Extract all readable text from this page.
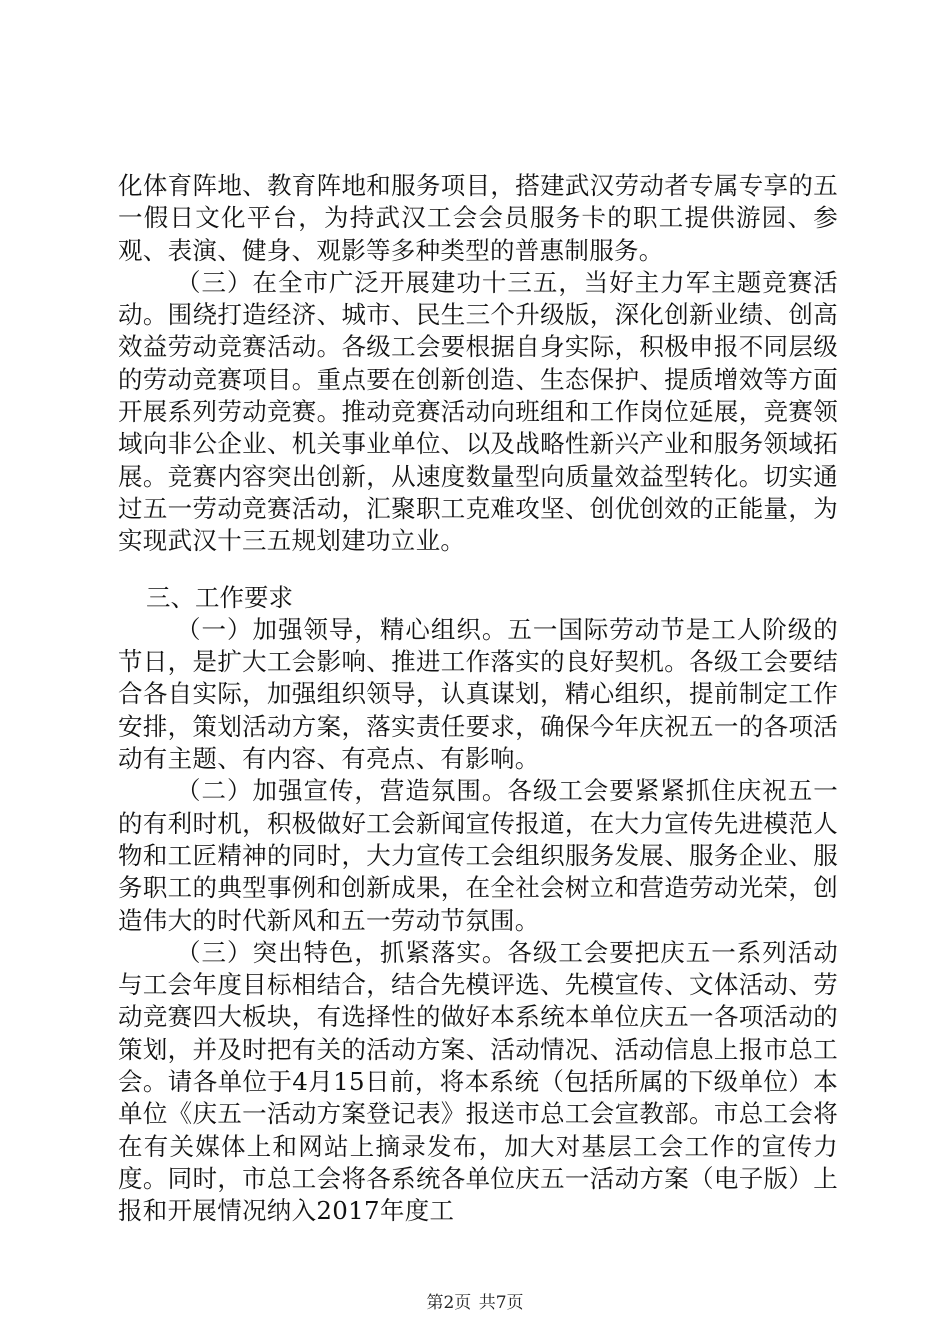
化体育阵地、教育阵地和服务项目，搭建武汉劳动者专属专享的五一假日文化平台，为持武汉工会会员服务卡的职工提供游园、参观、表演、健身、观影等多种类型的普惠制服务。

（三）在全市广泛开展建功十三五，当好主力军主题竞赛活动。围绕打造经济、城市、民生三个升级版，深化创新业绩、创高效益劳动竞赛活动。各级工会要根据自身实际，积极申报不同层级的劳动竞赛项目。重点要在创新创造、生态保护、提质增效等方面开展系列劳动竞赛。推动竞赛活动向班组和工作岗位延展，竞赛领域向非公企业、机关事业单位、以及战略性新兴产业和服务领域拓展。竞赛内容突出创新，从速度数量型向质量效益型转化。切实通过五一劳动竞赛活动，汇聚职工克难攻坚、创优创效的正能量，为实现武汉十三五规划建功立业。

三、工作要求

（一）加强领导，精心组织。五一国际劳动节是工人阶级的节日，是扩大工会影响、推进工作落实的良好契机。各级工会要结合各自实际，加强组织领导，认真谋划，精心组织，提前制定工作安排，策划活动方案，落实责任要求，确保今年庆祝五一的各项活动有主题、有内容、有亮点、有影响。

（二）加强宣传，营造氛围。各级工会要紧紧抓住庆祝五一的有利时机，积极做好工会新闻宣传报道，在大力宣传先进模范人物和工匠精神的同时，大力宣传工会组织服务发展、服务企业、服务职工的典型事例和创新成果，在全社会树立和营造劳动光荣，创造伟大的时代新风和五一劳动节氛围。

（三）突出特色，抓紧落实。各级工会要把庆五一系列活动与工会年度目标相结合，结合先模评选、先模宣传、文体活动、劳动竞赛四大板块，有选择性的做好本系统本单位庆五一各项活动的策划，并及时把有关的活动方案、活动情况、活动信息上报市总工会。请各单位于4月15日前，将本系统（包括所属的下级单位）本单位《庆五一活动方案登记表》报送市总工会宣教部。市总工会将在有关媒体上和网站上摘录发布，加大对基层工会工作的宣传力度。同时，市总工会将各系统各单位庆五一活动方案（电子版）上报和开展情况纳入2017年度工

第2页 共7页
